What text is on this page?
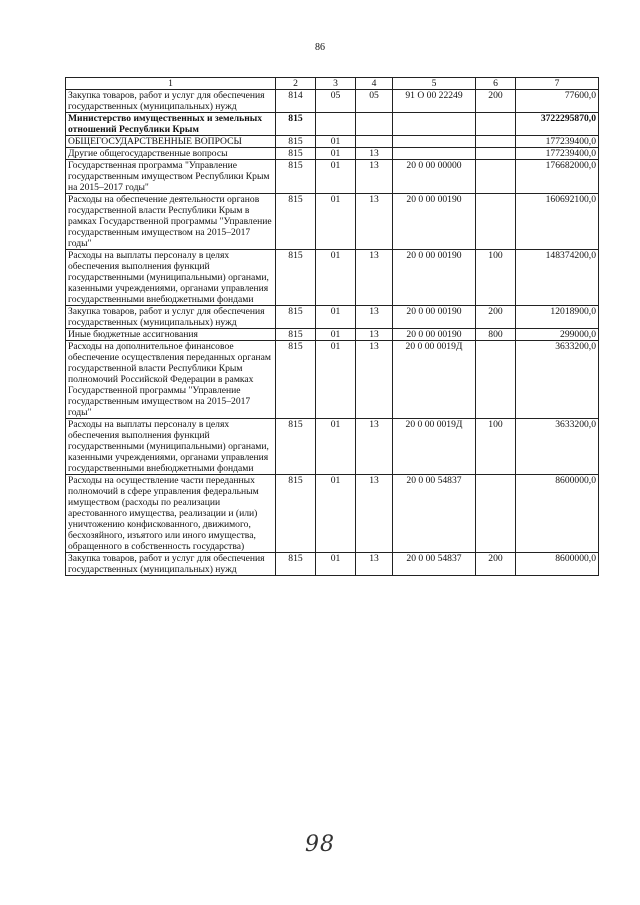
86
1	2	3	4	5	6	7
Закупка товаров, работ и услуг для обеспечения государственных (муниципальных) нужд	814	05	05	91 О 00 22249	200	77600,0
Министерство имущественных и земельных отношений Республики Крым	815					3722295870,0
ОБЩЕГОСУДАРСТВЕННЫЕ ВОПРОСЫ	815	01				177239400,0
Другие общегосударственные вопросы	815	01	13			177239400,0
Государственная программа "Управление государственным имуществом Республики Крым на 2015–2017 годы"	815	01	13	20 0 00 00000		176682000,0
Расходы на обеспечение деятельности органов государственной власти Республики Крым в рамках Государственной программы "Управление государственным имуществом на 2015–2017 годы"	815	01	13	20 0 00 00190		160692100,0
Расходы на выплаты персоналу в целях обеспечения выполнения функций государственными (муниципальными) органами, казенными учреждениями, органами управления государственными внебюджетными фондами	815	01	13	20 0 00 00190	100	148374200,0
Закупка товаров, работ и услуг для обеспечения государственных (муниципальных) нужд	815	01	13	20 0 00 00190	200	12018900,0
Иные бюджетные ассигнования	815	01	13	20 0 00 00190	800	299000,0
Расходы на дополнительное финансовое обеспечение осуществления переданных органам государственной власти Республики Крым полномочий Российской Федерации в рамках Государственной программы "Управление государственным имуществом на 2015–2017 годы"	815	01	13	20 0 00 0019Д		3633200,0
Расходы на выплаты персоналу в целях обеспечения выполнения функций государственными (муниципальными) органами, казенными учреждениями, органами управления государственными внебюджетными фондами	815	01	13	20 0 00 0019Д	100	3633200,0
Расходы на осуществление части переданных полномочий в сфере управления федеральным имуществом (расходы по реализации арестованного имущества, реализации и (или) уничтожению конфискованного, движимого, бесхозяйного, изъятого или иного имущества, обращенного в собственность государства)	815	01	13	20 0 00 54837		8600000,0
Закупка товаров, работ и услуг для обеспечения государственных (муниципальных) нужд	815	01	13	20 0 00 54837	200	8600000,0
98
